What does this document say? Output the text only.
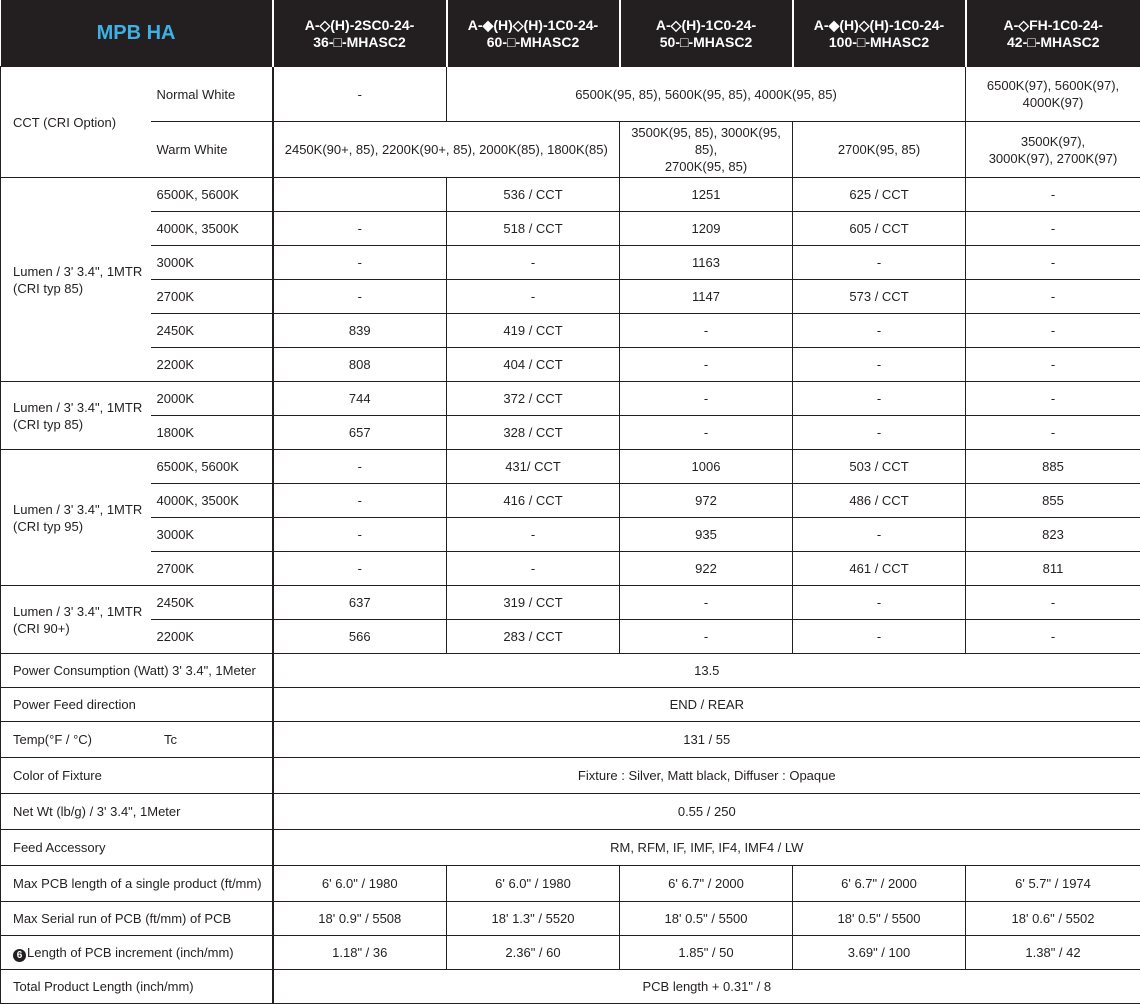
MPB HA		A-◇(H)-2SC0-24-
36-□-MHASC2	A-◆(H)◇(H)-1C0-24-
60-□-MHASC2	A-◇(H)-1C0-24-
50-□-MHASC2	A-◆(H)◇(H)-1C0-24-
100-□-MHASC2	A-◇FH-1C0-24-
42-□-MHASC2
CCT (CRI Option)	Normal White	-	6500K(95, 85), 5600K(95, 85), 4000K(95, 85)			6500K(97), 5600K(97),
4000K(97)
	Warm White	2450K(90+, 85), 2200K(90+, 85), 2000K(85), 1800K(85)		3500K(95, 85), 3000K(95, 85),
2700K(95, 85)	2700K(95, 85)	3500K(97),
3000K(97), 2700K(97)
Lumen / 3' 3.4", 1MTR
(CRI typ 85)	6500K, 5600K		536 / CCT	1251	625 / CCT	-
	4000K, 3500K	-	518 / CCT	1209	605 / CCT	-
	3000K	-	-	1163	-	-
	2700K	-	-	1147	573 / CCT	-
	2450K	839	419 / CCT	-	-	-
	2200K	808	404 / CCT	-	-	-
Lumen / 3' 3.4", 1MTR
(CRI typ 85)	2000K	744	372 / CCT	-	-	-
	1800K	657	328 / CCT	-	-	-
Lumen / 3' 3.4", 1MTR
(CRI typ 95)	6500K, 5600K	-	431/ CCT	1006	503 / CCT	885
	4000K, 3500K	-	416 / CCT	972	486 / CCT	855
	3000K	-	-	935	-	823
	2700K	-	-	922	461 / CCT	811
Lumen / 3' 3.4", 1MTR
(CRI 90+)	2450K	637	319 / CCT	-	-	-
	2200K	566	283 / CCT	-	-	-
Power Consumption (Watt) 3' 3.4", 1Meter		13.5				
Power Feed direction		END / REAR				
Temp(°F / °C) Tc		131 / 55				
Color of Fixture		Fixture : Silver, Matt black, Diffuser : Opaque				
Net Wt (lb/g) / 3' 3.4", 1Meter		0.55 / 250				
Feed Accessory		RM, RFM, IF, IMF, IF4, IMF4 / LW				
Max PCB length of a single product (ft/mm)		6' 6.0" / 1980	6' 6.0" / 1980	6' 6.7" / 2000	6' 6.7" / 2000	6' 5.7" / 1974
Max Serial run of PCB (ft/mm) of PCB		18' 0.9" / 5508	18' 1.3" / 5520	18' 0.5" / 5500	18' 0.5" / 5500	18' 0.6" / 5502
6 Length of PCB increment (inch/mm)		1.18" / 36	2.36" / 60	1.85" / 50	3.69" / 100	1.38" / 42
Total Product Length (inch/mm)		PCB length + 0.31" / 8				
